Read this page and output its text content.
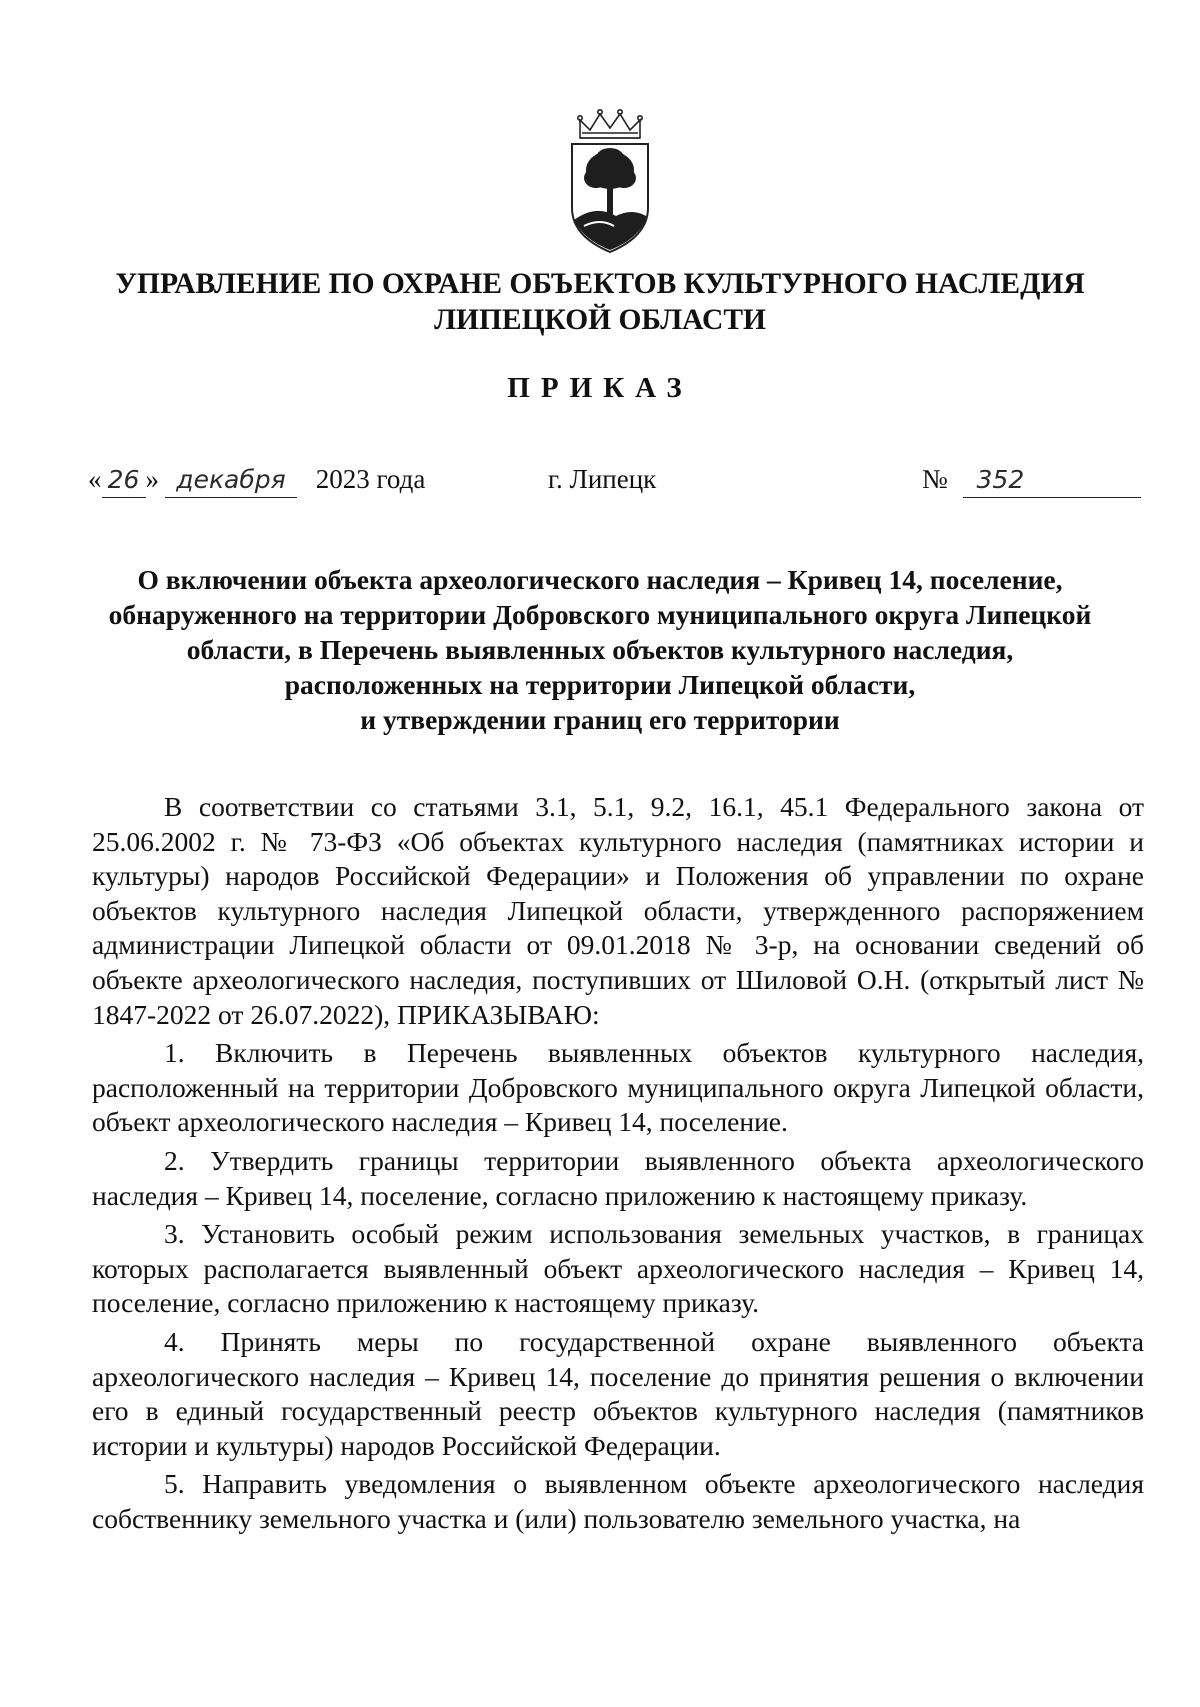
УПРАВЛЕНИЕ ПО ОХРАНЕ ОБЪЕКТОВ КУЛЬТУРНОГО НАСЛЕДИЯ
ЛИПЕЦКОЙ ОБЛАСТИ
ПРИКАЗ
« 26 » декабря 2023 года	г. Липецк	№ 352
О включении объекта археологического наследия – Кривец 14, поселение,
обнаруженного на территории Добровского муниципального округа Липецкой
области, в Перечень выявленных объектов культурного наследия,
расположенных на территории Липецкой области,
и утверждении границ его территории

В соответствии со статьями 3.1, 5.1, 9.2, 16.1, 45.1 Федерального закона от 25.06.2002 г. № 73-ФЗ «Об объектах культурного наследия (памятниках истории и культуры) народов Российской Федерации» и Положения об управлении по охране объектов культурного наследия Липецкой области, утвержденного распоряжением администрации Липецкой области от 09.01.2018 № 3-р, на основании сведений об объекте археологического наследия, поступивших от Шиловой О.Н. (открытый лист № 1847-2022 от 26.07.2022), ПРИКАЗЫВАЮ:

1. Включить в Перечень выявленных объектов культурного наследия, расположенный на территории Добровского муниципального округа Липецкой области, объект археологического наследия – Кривец 14, поселение.

2. Утвердить границы территории выявленного объекта археологического наследия – Кривец 14, поселение, согласно приложению к настоящему приказу.

3. Установить особый режим использования земельных участков, в границах которых располагается выявленный объект археологического наследия – Кривец 14, поселение, согласно приложению к настоящему приказу.

4. Принять меры по государственной охране выявленного объекта археологического наследия – Кривец 14, поселение до принятия решения о включении его в единый государственный реестр объектов культурного наследия (памятников истории и культуры) народов Российской Федерации.

5. Направить уведомления о выявленном объекте археологического наследия собственнику земельного участка и (или) пользователю земельного участка, на
